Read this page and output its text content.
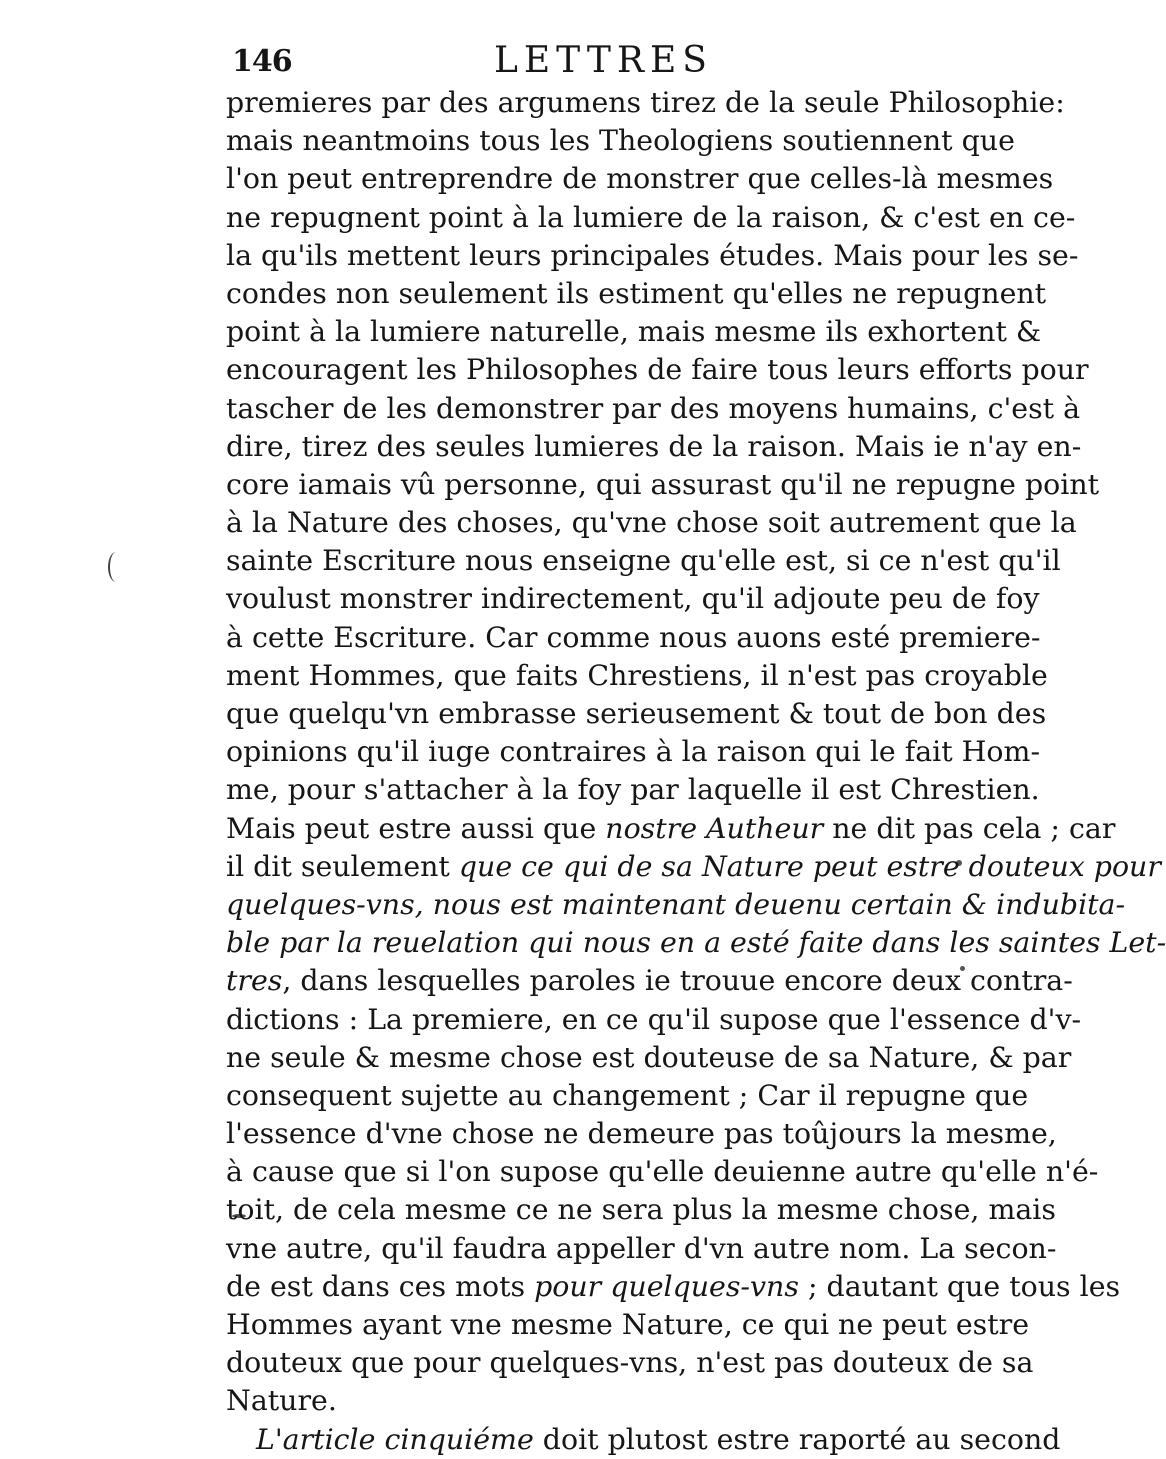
146	LETTRES
premieres par des argumens tirez de la seule Philosophie:
mais neantmoins tous les Theologiens soutiennent que
l'on peut entreprendre de monstrer que celles-là mesmes
ne repugnent point à la lumiere de la raison, & c'est en ce-
la qu'ils mettent leurs principales études. Mais pour les se-
condes non seulement ils estiment qu'elles ne repugnent
point à la lumiere naturelle, mais mesme ils exhortent &
encouragent les Philosophes de faire tous leurs efforts pour
tascher de les demonstrer par des moyens humains, c'est à
dire, tirez des seules lumieres de la raison. Mais ie n'ay en-
core iamais vû personne, qui assurast qu'il ne repugne point
à la Nature des choses, qu'vne chose soit autrement que la
sainte Escriture nous enseigne qu'elle est, si ce n'est qu'il
voulust monstrer indirectement, qu'il adjoute peu de foy
à cette Escriture. Car comme nous auons esté premiere-
ment Hommes, que faits Chrestiens, il n'est pas croyable
que quelqu'vn embrasse serieusement & tout de bon des
opinions qu'il iuge contraires à la raison qui le fait Hom-
me, pour s'attacher à la foy par laquelle il est Chrestien.
Mais peut estre aussi que nostre Autheur ne dit pas cela ; car
il dit seulement que ce qui de sa Nature peut estre douteux pour
quelques-vns, nous est maintenant deuenu certain & indubita-
ble par la reuelation qui nous en a esté faite dans les saintes Let-
tres, dans lesquelles paroles ie trouue encore deux contra-
dictions : La premiere, en ce qu'il supose que l'essence d'v-
ne seule & mesme chose est douteuse de sa Nature, & par
consequent sujette au changement ; Car il repugne que
l'essence d'vne chose ne demeure pas toûjours la mesme,
à cause que si l'on supose qu'elle deuienne autre qu'elle n'é-
toit, de cela mesme ce ne sera plus la mesme chose, mais
vne autre, qu'il faudra appeller d'vn autre nom. La secon-
de est dans ces mots pour quelques-vns ; dautant que tous les
Hommes ayant vne mesme Nature, ce qui ne peut estre
douteux que pour quelques-vns, n'est pas douteux de sa
Nature.
L'article cinquiéme doit plutost estre raporté au second
